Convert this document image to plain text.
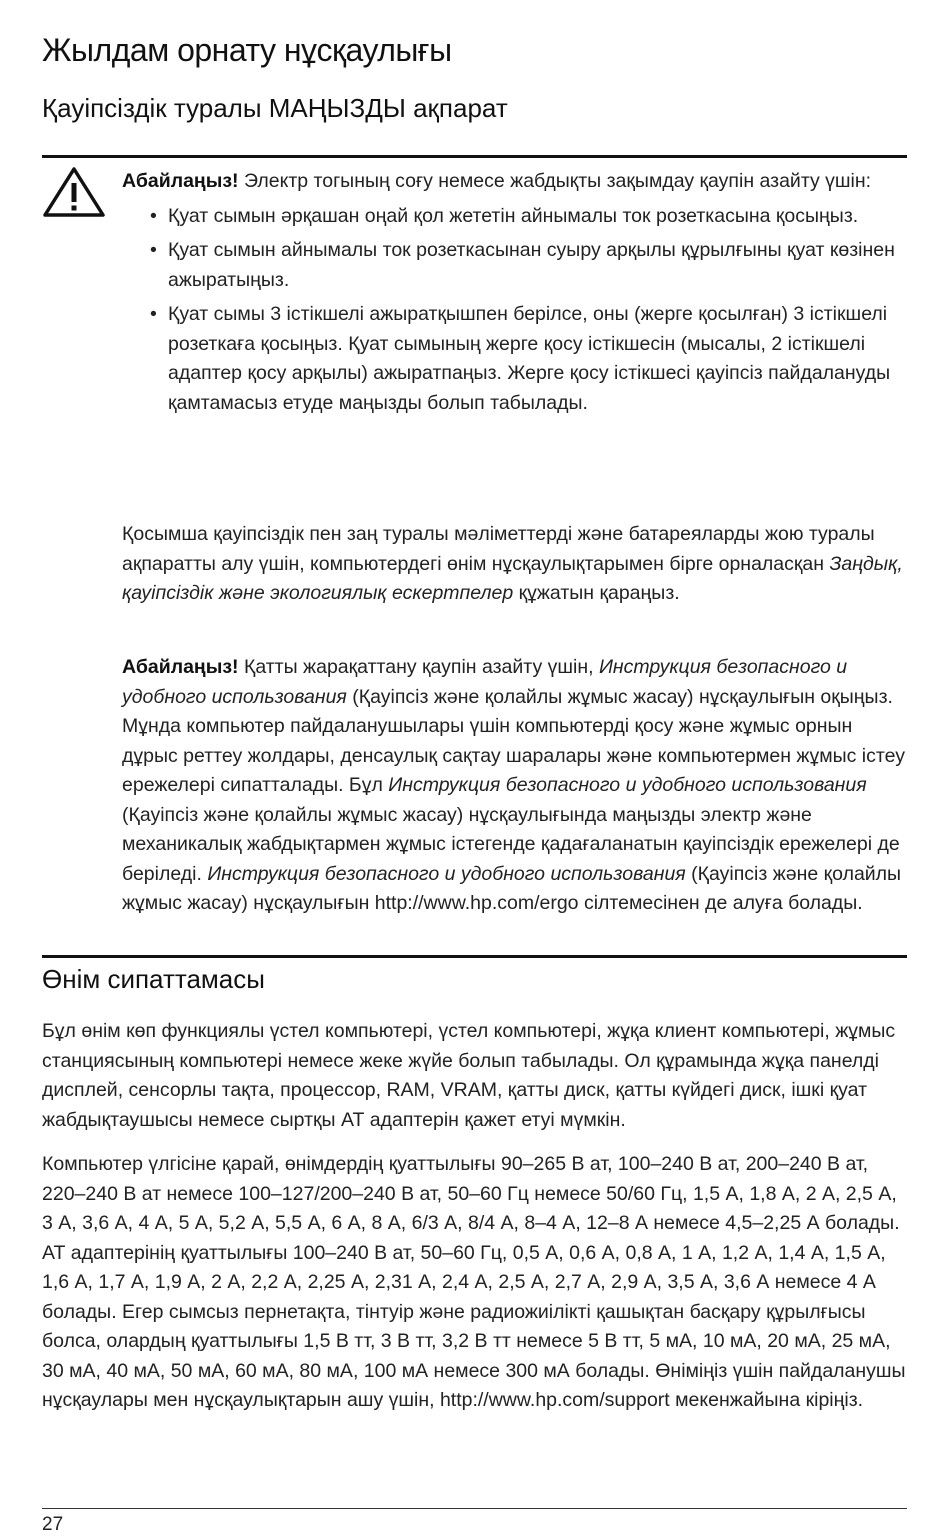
Жылдам орнату нұсқаулығы
Қауіпсіздік туралы МАҢЫЗДЫ ақпарат

Абайлаңыз! Электр тогының соғу немесе жабдықты зақымдау қаупін азайту үшін:

• Қуат сымын әрқашан оңай қол жететін айнымалы ток розеткасына қосыңыз.
• Қуат сымын айнымалы ток розеткасынан суыру арқылы құрылғыны қуат көзінен ажыратыңыз.
• Қуат сымы 3 істікшелі ажыратқышпен берілсе, оны (жерге қосылған) 3 істікшелі розеткаға қосыңыз. Қуат сымының жерге қосу істікшесін (мысалы, 2 істікшелі адаптер қосу арқылы) ажыратпаңыз. Жерге қосу істікшесі қауіпсіз пайдалануды қамтамасыз етуде маңызды болып табылады.

Қосымша қауіпсіздік пен заң туралы мәліметтерді және батареяларды жою туралы ақпаратты алу үшін, компьютердегі өнім нұсқаулықтарымен бірге орналасқан Заңдық, қауіпсіздік және экологиялық ескертпелер құжатын қараңыз.

Абайлаңыз! Қатты жарақаттану қаупін азайту үшін, Инструкция безопасного и удобного использования (Қауіпсіз және қолайлы жұмыс жасау) нұсқаулығын оқыңыз. Мұнда компьютер пайдаланушылары үшін компьютерді қосу және жұмыс орнын дұрыс реттеу жолдары, денсаулық сақтау шаралары және компьютермен жұмыс істеу ережелері сипатталады. Бұл Инструкция безопасного и удобного использования (Қауіпсіз және қолайлы жұмыс жасау) нұсқаулығында маңызды электр және механикалық жабдықтармен жұмыс істегенде қадағаланатын қауіпсіздік ережелері де беріледі. Инструкция безопасного и удобного использования (Қауіпсіз және қолайлы жұмыс жасау) нұсқаулығын http://www.hp.com/ergo сілтемесінен де алуға болады.

Өнім сипаттамасы

Бұл өнім көп функциялы үстел компьютері, үстел компьютері, жұқа клиент компьютері, жұмыс станциясының компьютері немесе жеке жүйе болып табылады. Ол құрамында жұқа панелді дисплей, сенсорлы тақта, процессор, RAM, VRAM, қатты диск, қатты күйдегі диск, ішкі қуат жабдықтаушысы немесе сыртқы АТ адаптерін қажет етуі мүмкін.

Компьютер үлгісіне қарай, өнімдердің қуаттылығы 90–265 В ат, 100–240 В ат, 200–240 В ат, 220–240 В ат немесе 100–127/200–240 В ат, 50–60 Гц немесе 50/60 Гц, 1,5 А, 1,8 А, 2 А, 2,5 А, 3 А, 3,6 А, 4 А, 5 А, 5,2 А, 5,5 А, 6 А, 8 А, 6/3 А, 8/4 А, 8–4 А, 12–8 А немесе 4,5–2,25 А болады. АТ адаптерінің қуаттылығы 100–240 В ат, 50–60 Гц, 0,5 А, 0,6 А, 0,8 А, 1 А, 1,2 А, 1,4 А, 1,5 А, 1,6 А, 1,7 А, 1,9 А, 2 А, 2,2 А, 2,25 А, 2,31 А, 2,4 А, 2,5 А, 2,7 А, 2,9 А, 3,5 А, 3,6 А немесе 4 А болады. Егер сымсыз пернетақта, тінтуір және радиожиілікті қашықтан басқару құрылғысы болса, олардың қуаттылығы 1,5 В тт, 3 В тт, 3,2 В тт немесе 5 В тт, 5 мА, 10 мА, 20 мА, 25 мА, 30 мА, 40 мА, 50 мА, 60 мА, 80 мА, 100 мА немесе 300 мА болады. Өніміңіз үшін пайдаланушы нұсқаулары мен нұсқаулықтарын ашу үшін, http://www.hp.com/support мекенжайына кіріңіз.

27
